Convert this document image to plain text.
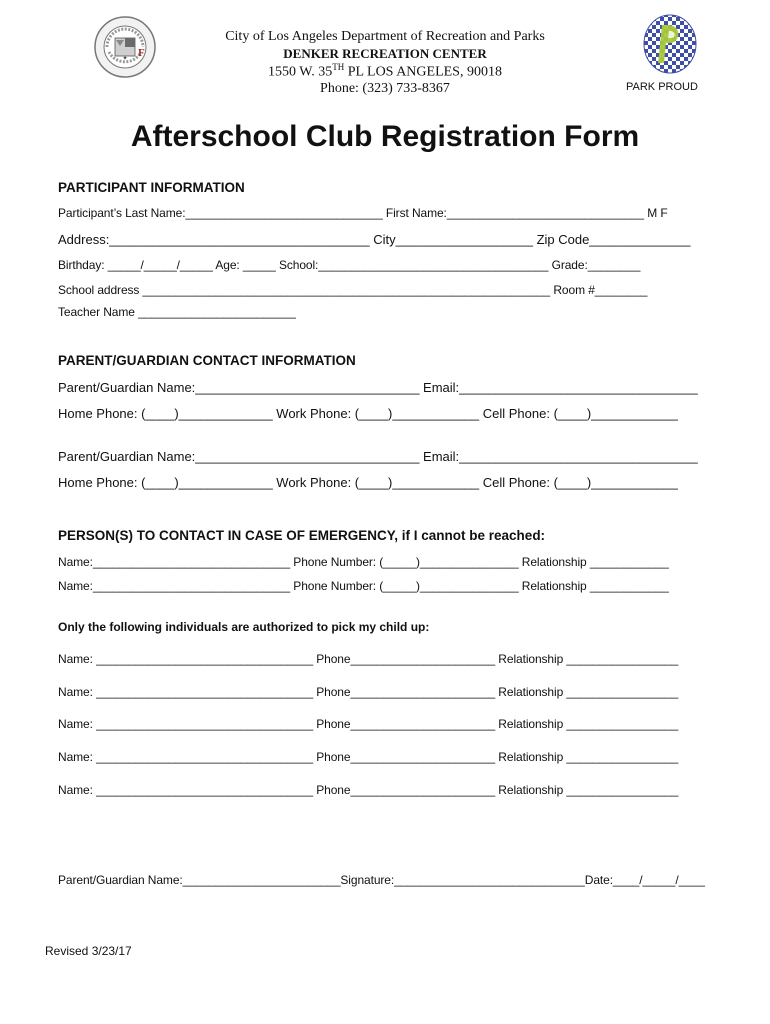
✦ F
City of Los Angeles Department of Recreation and Parks
DENKER RECREATION CENTER
1550 W. 35TH PL LOS ANGELES, 90018
Phone: (323) 733-8367	PARK PROUD
Afterschool Club Registration Form
PARTICIPANT INFORMATION
Participant’s Last Name:______________________________ First Name:______________________________ M F
Address:____________________________________ City___________________ Zip Code______________
Birthday: _____/_____/_____ Age: _____ School:___________________________________ Grade:________
School address ______________________________________________________________ Room #________
Teacher Name ________________________
PARENT/GUARDIAN CONTACT INFORMATION
Parent/Guardian Name:_______________________________ Email:_________________________________
Home Phone: (____)_____________ Work Phone: (____)____________ Cell Phone: (____)____________
Parent/Guardian Name:_______________________________ Email:_________________________________
Home Phone: (____)_____________ Work Phone: (____)____________ Cell Phone: (____)____________
PERSON(S) TO CONTACT IN CASE OF EMERGENCY, if I cannot be reached:
Name:______________________________ Phone Number: (_____)_______________ Relationship ____________
Name:______________________________ Phone Number: (_____)_______________ Relationship ____________
Only the following individuals are authorized to pick my child up:
Name: _________________________________ Phone______________________ Relationship _________________
Name: _________________________________ Phone______________________ Relationship _________________
Name: _________________________________ Phone______________________ Relationship _________________
Name: _________________________________ Phone______________________ Relationship _________________
Name: _________________________________ Phone______________________ Relationship _________________
Parent/Guardian Name:________________________Signature:_____________________________Date:____/_____/____
Revised 3/23/17
